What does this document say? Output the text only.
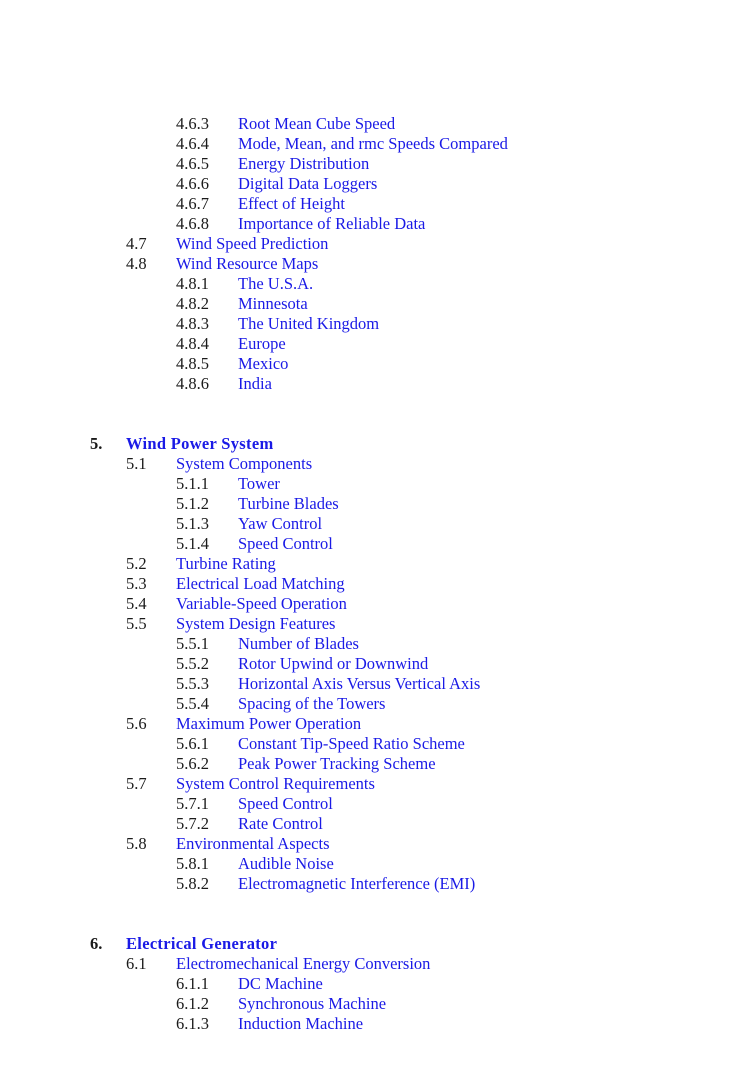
4.6.3 Root Mean Cube Speed
4.6.4 Mode, Mean, and rmc Speeds Compared
4.6.5 Energy Distribution
4.6.6 Digital Data Loggers
4.6.7 Effect of Height
4.6.8 Importance of Reliable Data
4.7 Wind Speed Prediction
4.8 Wind Resource Maps
4.8.1 The U.S.A.
4.8.2 Minnesota
4.8.3 The United Kingdom
4.8.4 Europe
4.8.5 Mexico
4.8.6 India
5. Wind Power System
5.1 System Components
5.1.1 Tower
5.1.2 Turbine Blades
5.1.3 Yaw Control
5.1.4 Speed Control
5.2 Turbine Rating
5.3 Electrical Load Matching
5.4 Variable-Speed Operation
5.5 System Design Features
5.5.1 Number of Blades
5.5.2 Rotor Upwind or Downwind
5.5.3 Horizontal Axis Versus Vertical Axis
5.5.4 Spacing of the Towers
5.6 Maximum Power Operation
5.6.1 Constant Tip-Speed Ratio Scheme
5.6.2 Peak Power Tracking Scheme
5.7 System Control Requirements
5.7.1 Speed Control
5.7.2 Rate Control
5.8 Environmental Aspects
5.8.1 Audible Noise
5.8.2 Electromagnetic Interference (EMI)
6. Electrical Generator
6.1 Electromechanical Energy Conversion
6.1.1 DC Machine
6.1.2 Synchronous Machine
6.1.3 Induction Machine
